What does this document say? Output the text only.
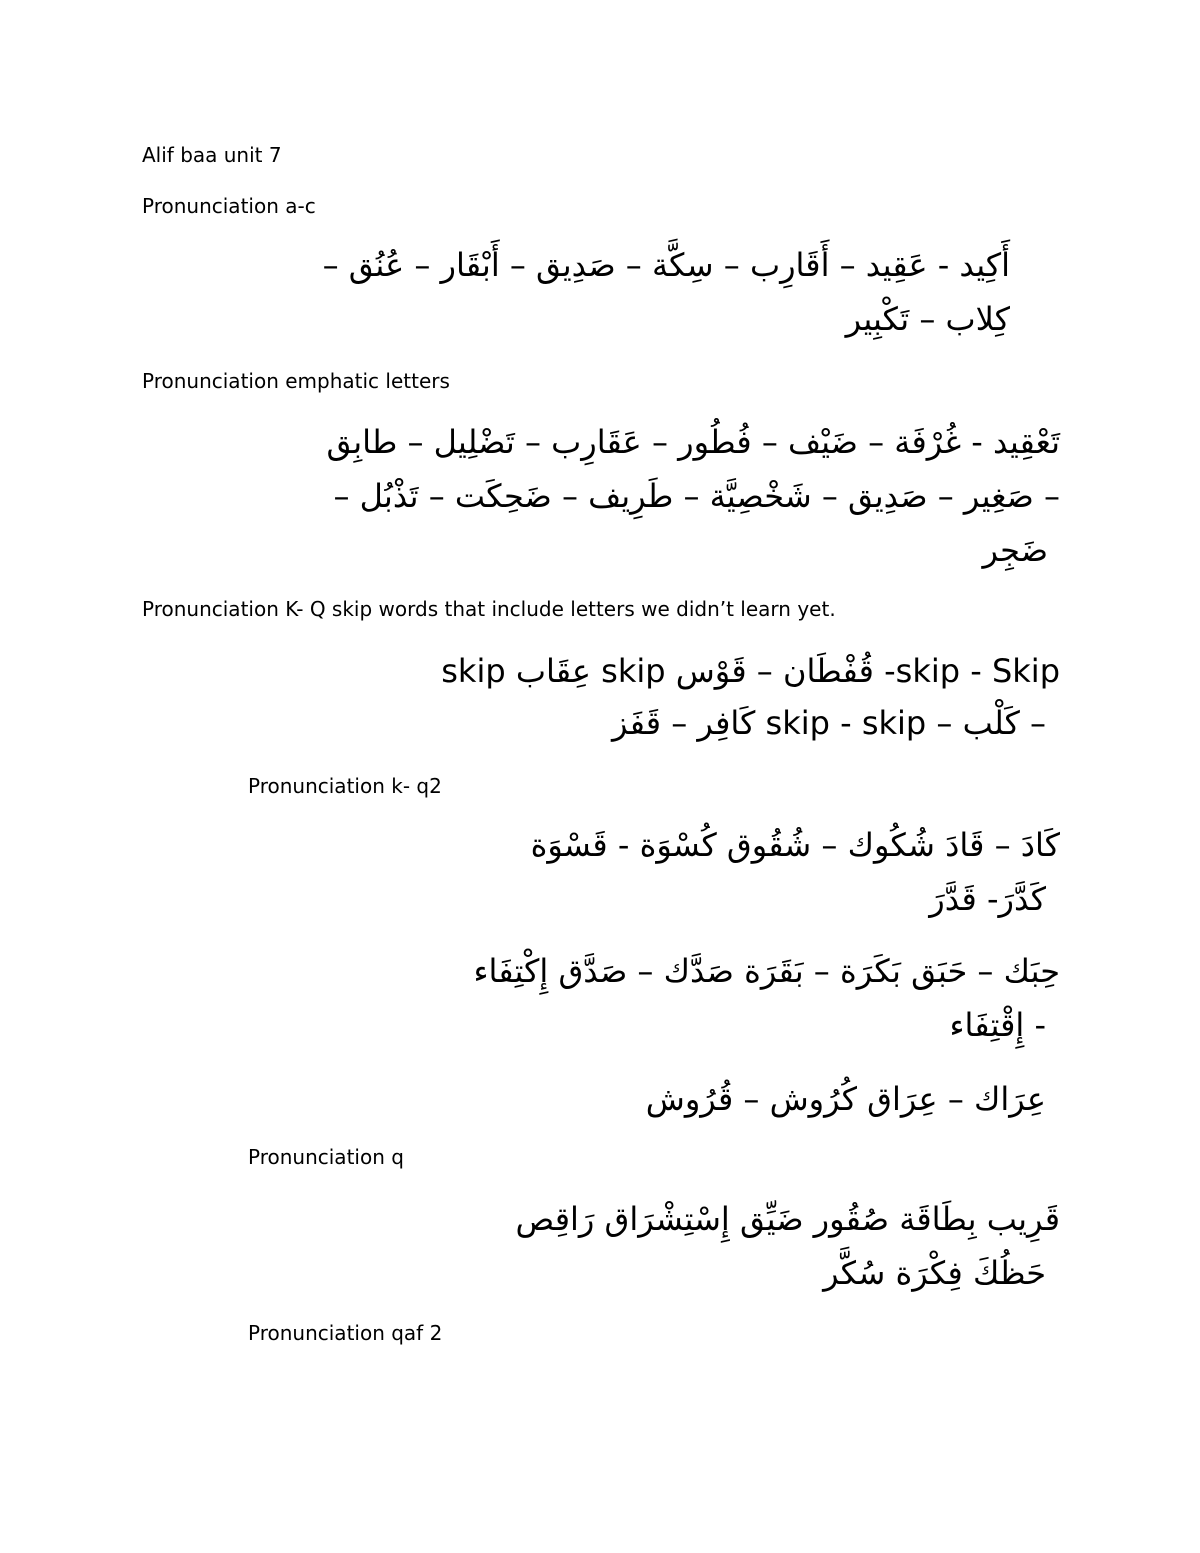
Alif baa unit 7
Pronunciation a-c
أَكِيد - عَقِيد – أَقَارِب – سِكَّة – صَدِيق – أَبْقَار – عُنُق –
كِلاب – تَكْبِير
Pronunciation emphatic letters
تَعْقِيد - غُرْفَة – ضَيْف – فُطُور – عَقَارِب – تَضْلِيل – طابِق
– صَغِير – صَدِيق – شَخْصِيَّة – طَرِيف – ضَحِكَت – تَذْبُل –
ضَجِر
Pronunciation K- Q skip words that include letters we didn’t learn yet.
skip - Skip- قُفْطَان – قَوْس skip عِقَاب skip
– كَلْب – skip - skip كَافِر – قَفَز
Pronunciation k- q2
كَادَ – قَادَ شُكُوك – شُقُوق كُسْوَة - قَسْوَة
كَدَّرَ- قَدَّرَ
حِبَك – حَبَق بَكَرَة – بَقَرَة صَدَّك – صَدَّق إِكْتِفَاء
- إِقْتِفَاء
عِرَاك – عِرَاق كُرُوش – قُرُوش
Pronunciation q
قَرِيب بِطَاقَة صُقُور ضَيِّق إِسْتِشْرَاق رَاقِص
حَظُكَ فِكْرَة سُكَّر
Pronunciation qaf 2
